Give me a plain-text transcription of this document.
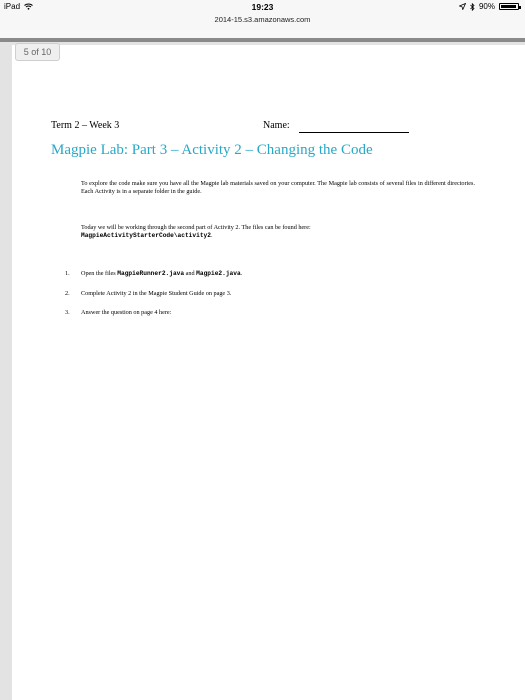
iPad	19:23	90%
2014-15.s3.amazonaws.com
5 of 10
Term 2 – Week 3	Name:
Magpie Lab: Part 3 – Activity 2 – Changing the Code
To explore the code make sure you have all the Magpie lab materials saved on your computer. The Magpie lab consists of several files in different directories. Each Activity is in a separate folder in the guide.
Today we will be working through the second part of Activity 2. The files can be found here:
MagpieActivityStarterCode\activity2.
1. Open the files MagpieRunner2.java and Magpie2.java.
2. Complete Activity 2 in the Magpie Student Guide on page 3.
3. Answer the question on page 4 here:
